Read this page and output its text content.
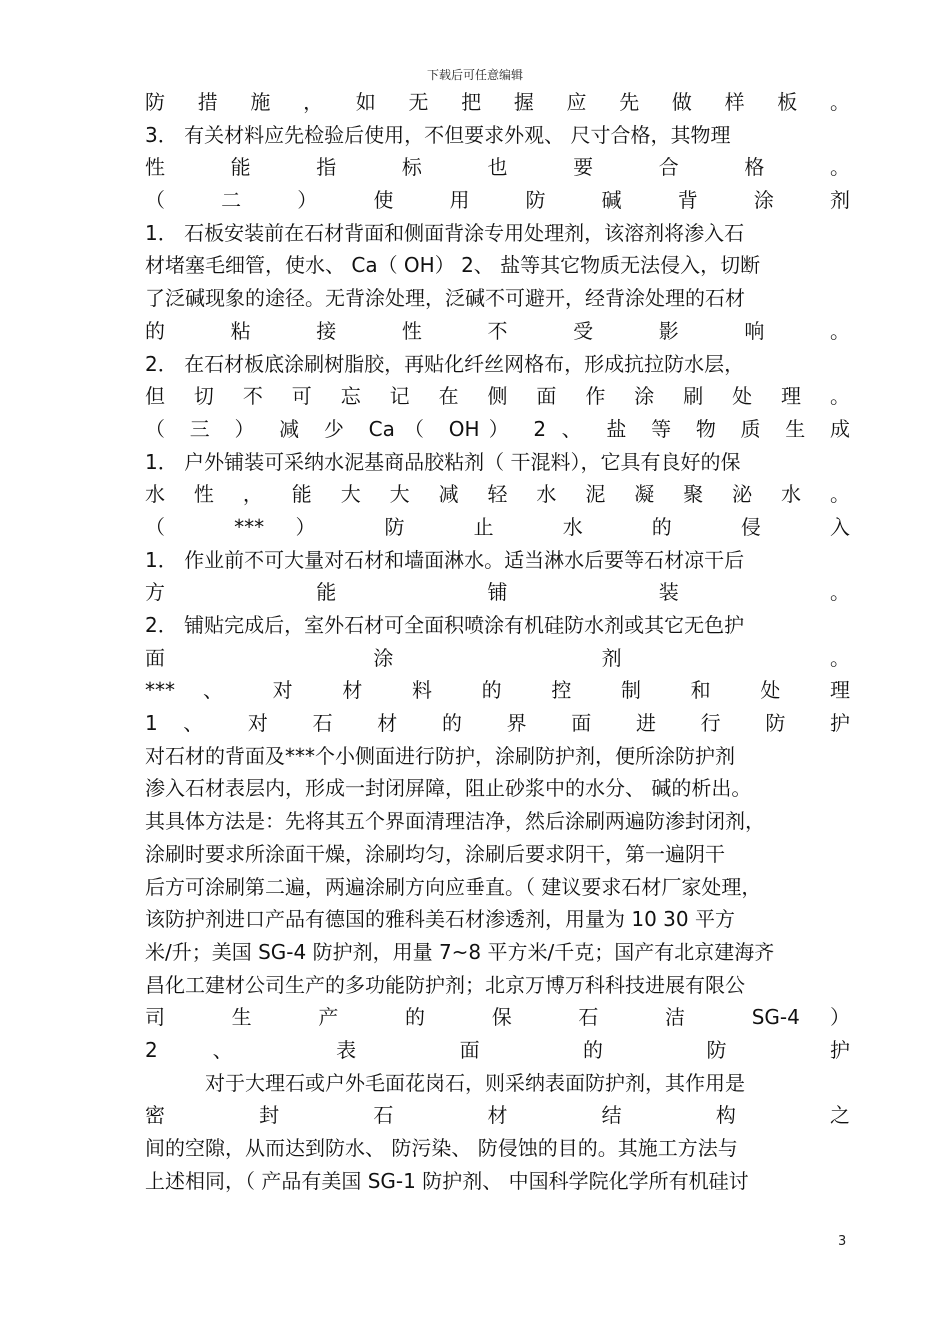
下载后可任意编辑
防 措 施 ， 如 无 把 握 应 先 做 样 板 。
3． 有关材料应先检验后使用，不但要求外观、 尺寸合格，其物理
性 能 指 标 也 要 合 格 。
（ 二 ） 使 用 防 碱 背 涂 剂
1． 石板安装前在石材背面和侧面背涂专用处理剂，该溶剂将渗入石
材堵塞毛细管，使水、 Ca（ OH） 2、 盐等其它物质无法侵入，切断
了泛碱现象的途径。无背涂处理，泛碱不可避开，经背涂处理的石材
的 粘 接 性 不 受 影 响 。
2． 在石材板底涂刷树脂胶，再贴化纤丝网格布，形成抗拉防水层，
但 切 不 可 忘 记 在 侧 面 作 涂 刷 处 理 。
（ 三 ） 减 少 Ca（ OH） 2 、 盐 等 物 质 生 成
1． 户外铺装可采纳水泥基商品胶粘剂（ 干混料），它具有良好的保
水 性 ， 能 大 大 减 轻 水 泥 凝 聚 泌 水 。
（ ***） 防 止 水 的 侵 入
1． 作业前不可大量对石材和墙面淋水。适当淋水后要等石材凉干后
方 能 铺 装 。
2． 铺贴完成后，室外石材可全面积喷涂有机硅防水剂或其它无色护
面 涂 剂 。
*** 、 对 材 料 的 控 制 和 处 理
1 、 对 石 材 的 界 面 进 行 防 护
对石材的背面及***个小侧面进行防护，涂刷防护剂，便所涂防护剂
渗入石材表层内，形成一封闭屏障，阻止砂浆中的水分、 碱的析出。
其具体方法是：先将其五个界面清理洁净，然后涂刷两遍防渗封闭剂，
涂刷时要求所涂面干燥，涂刷均匀，涂刷后要求阴干，第一遍阴干
后方可涂刷第二遍，两遍涂刷方向应垂直。（ 建议要求石材厂家处理，
该防护剂进口产品有德国的雅科美石材渗透剂，用量为 10 30 平方
米/升；美国 SG-4 防护剂，用量 7~8 平方米/千克；国产有北京建海齐
昌化工建材公司生产的多功能防护剂；北京万博万科科技进展有限公
司 生 产 的 保 石 洁 SG-4）
2 、 表 面 的 防 护
对于大理石或户外毛面花岗石，则采纳表面防护剂，其作用是
密 封 石 材 结 构 之
间的空隙，从而达到防水、 防污染、 防侵蚀的目的。其施工方法与
上述相同，（ 产品有美国 SG-1 防护剂、 中国科学院化学所有机硅讨
3
